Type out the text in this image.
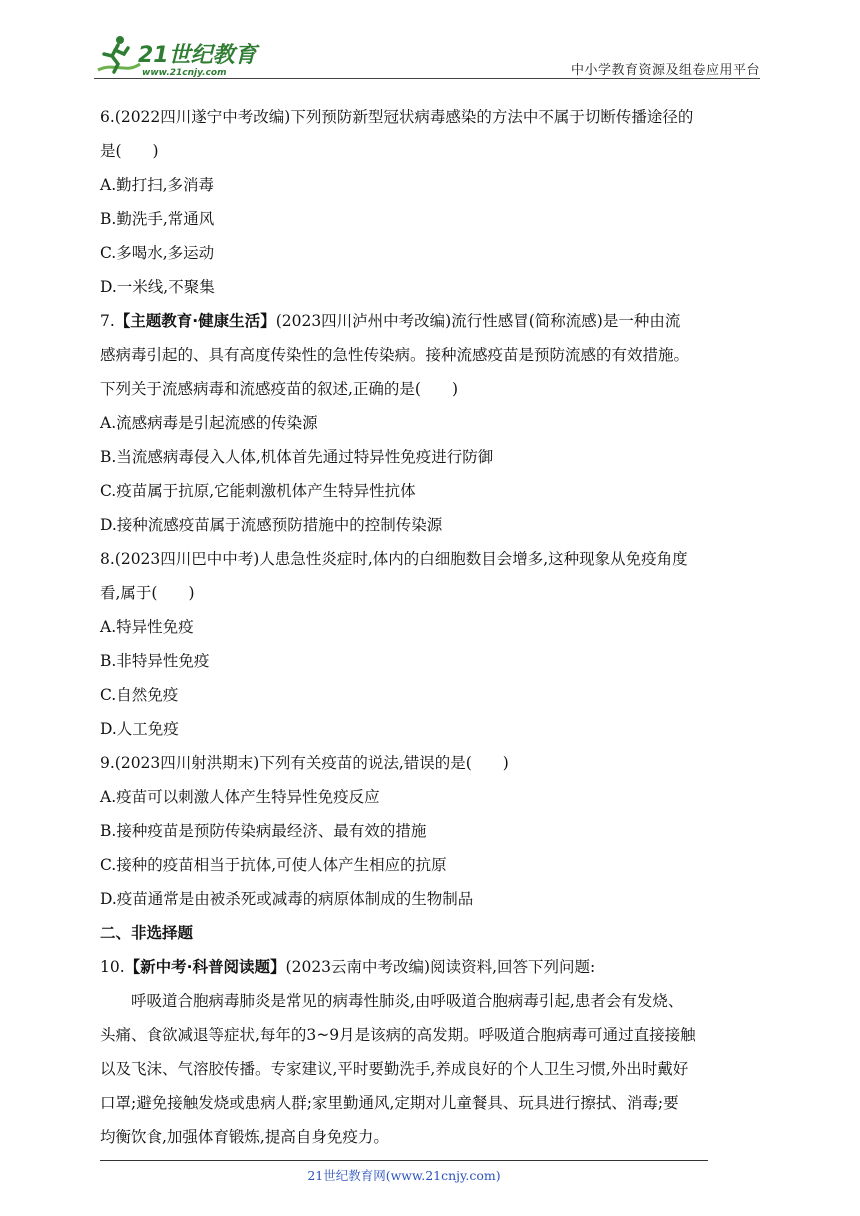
21世纪教育
www.21cnjy.com	中小学教育资源及组卷应用平台
6.(2022四川遂宁中考改编)下列预防新型冠状病毒感染的方法中不属于切断传播途径的
是(　　)
A.勤打扫,多消毒
B.勤洗手,常通风
C.多喝水,多运动
D.一米线,不聚集
7.【主题教育·健康生活】(2023四川泸州中考改编)流行性感冒(简称流感)是一种由流
感病毒引起的、具有高度传染性的急性传染病。接种流感疫苗是预防流感的有效措施。
下列关于流感病毒和流感疫苗的叙述,正确的是(　　)
A.流感病毒是引起流感的传染源
B.当流感病毒侵入人体,机体首先通过特异性免疫进行防御
C.疫苗属于抗原,它能刺激机体产生特异性抗体
D.接种流感疫苗属于流感预防措施中的控制传染源
8.(2023四川巴中中考)人患急性炎症时,体内的白细胞数目会增多,这种现象从免疫角度
看,属于(　　)
A.特异性免疫
B.非特异性免疫
C.自然免疫
D.人工免疫
9.(2023四川射洪期末)下列有关疫苗的说法,错误的是(　　)
A.疫苗可以刺激人体产生特异性免疫反应
B.接种疫苗是预防传染病最经济、最有效的措施
C.接种的疫苗相当于抗体,可使人体产生相应的抗原
D.疫苗通常是由被杀死或减毒的病原体制成的生物制品
二、非选择题
10.【新中考·科普阅读题】(2023云南中考改编)阅读资料,回答下列问题:
呼吸道合胞病毒肺炎是常见的病毒性肺炎,由呼吸道合胞病毒引起,患者会有发烧、
头痛、食欲减退等症状,每年的3~9月是该病的高发期。呼吸道合胞病毒可通过直接接触
以及飞沫、气溶胶传播。专家建议,平时要勤洗手,养成良好的个人卫生习惯,外出时戴好
口罩;避免接触发烧或患病人群;家里勤通风,定期对儿童餐具、玩具进行擦拭、消毒;要
均衡饮食,加强体育锻炼,提高自身免疫力。
21世纪教育网(www.21cnjy.com)
